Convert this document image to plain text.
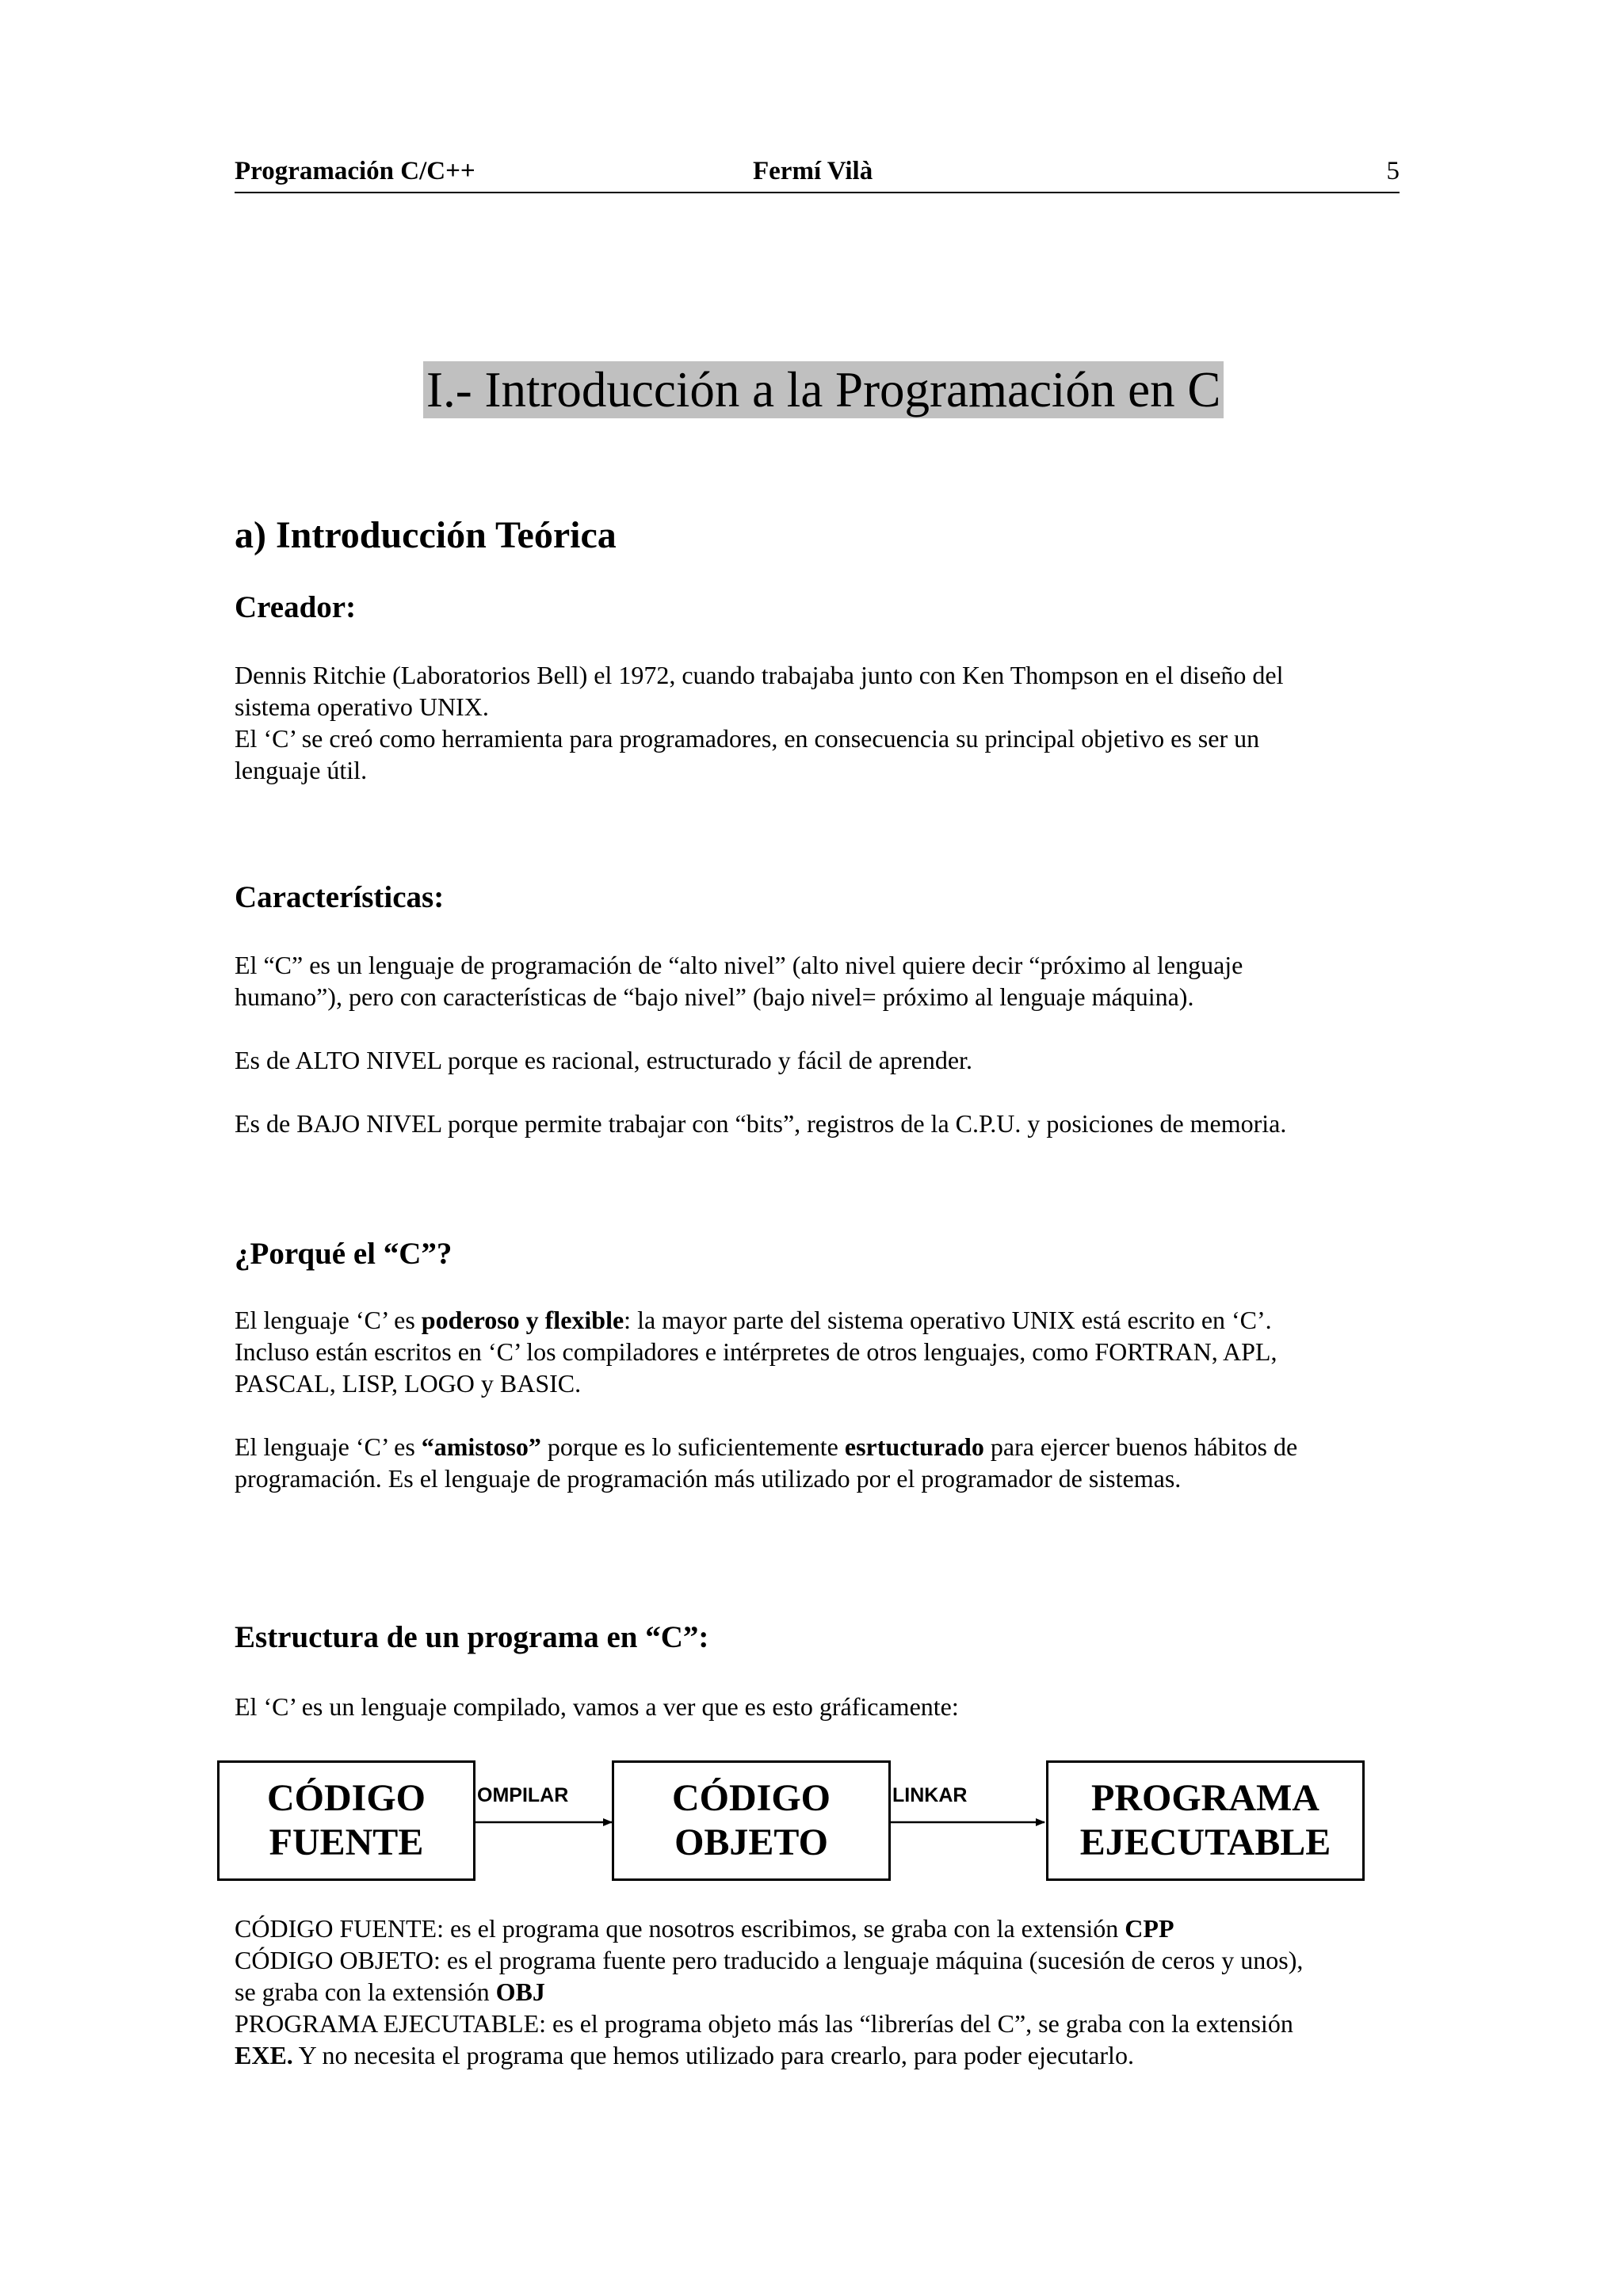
Programación C/C++	Fermí Vilà	5
I.- Introducción a la Programación en C
a) Introducción Teórica
Creador:
Dennis Ritchie (Laboratorios Bell) el 1972, cuando trabajaba junto con Ken Thompson en el diseño del
sistema operativo UNIX.
El ‘C’ se creó como herramienta para programadores, en consecuencia su principal objetivo es ser un
lenguaje útil.
Características:
El “C” es un lenguaje de programación de “alto nivel” (alto nivel quiere decir “próximo al lenguaje
humano”), pero con características de “bajo nivel” (bajo nivel= próximo al lenguaje máquina).
Es de ALTO NIVEL porque es racional, estructurado y fácil de aprender.
Es de BAJO NIVEL porque permite trabajar con “bits”, registros de la C.P.U. y posiciones de memoria.
¿Porqué el “C”?
El lenguaje ‘C’ es poderoso y flexible: la mayor parte del sistema operativo UNIX está escrito en ‘C’.
Incluso están escritos en ‘C’ los compiladores e intérpretes de otros lenguajes, como FORTRAN, APL,
PASCAL, LISP, LOGO y BASIC.
El lenguaje ‘C’ es “amistoso” porque es lo suficientemente esrtucturado para ejercer buenos hábitos de
programación. Es el lenguaje de programación más utilizado por el programador de sistemas.
Estructura de un programa en “C”:
El ‘C’ es un lenguaje compilado, vamos a ver que es esto gráficamente:
CÓDIGO
FUENTE
OMPILAR	CÓDIGO
OBJETO
LINKAR	PROGRAMA
EJECUTABLE
CÓDIGO FUENTE: es el programa que nosotros escribimos, se graba con la extensión CPP
CÓDIGO OBJETO: es el programa fuente pero traducido a lenguaje máquina (sucesión de ceros y unos),
se graba con la extensión OBJ
PROGRAMA EJECUTABLE: es el programa objeto más las “librerías del C”, se graba con la extensión
EXE. Y no necesita el programa que hemos utilizado para crearlo, para poder ejecutarlo.
